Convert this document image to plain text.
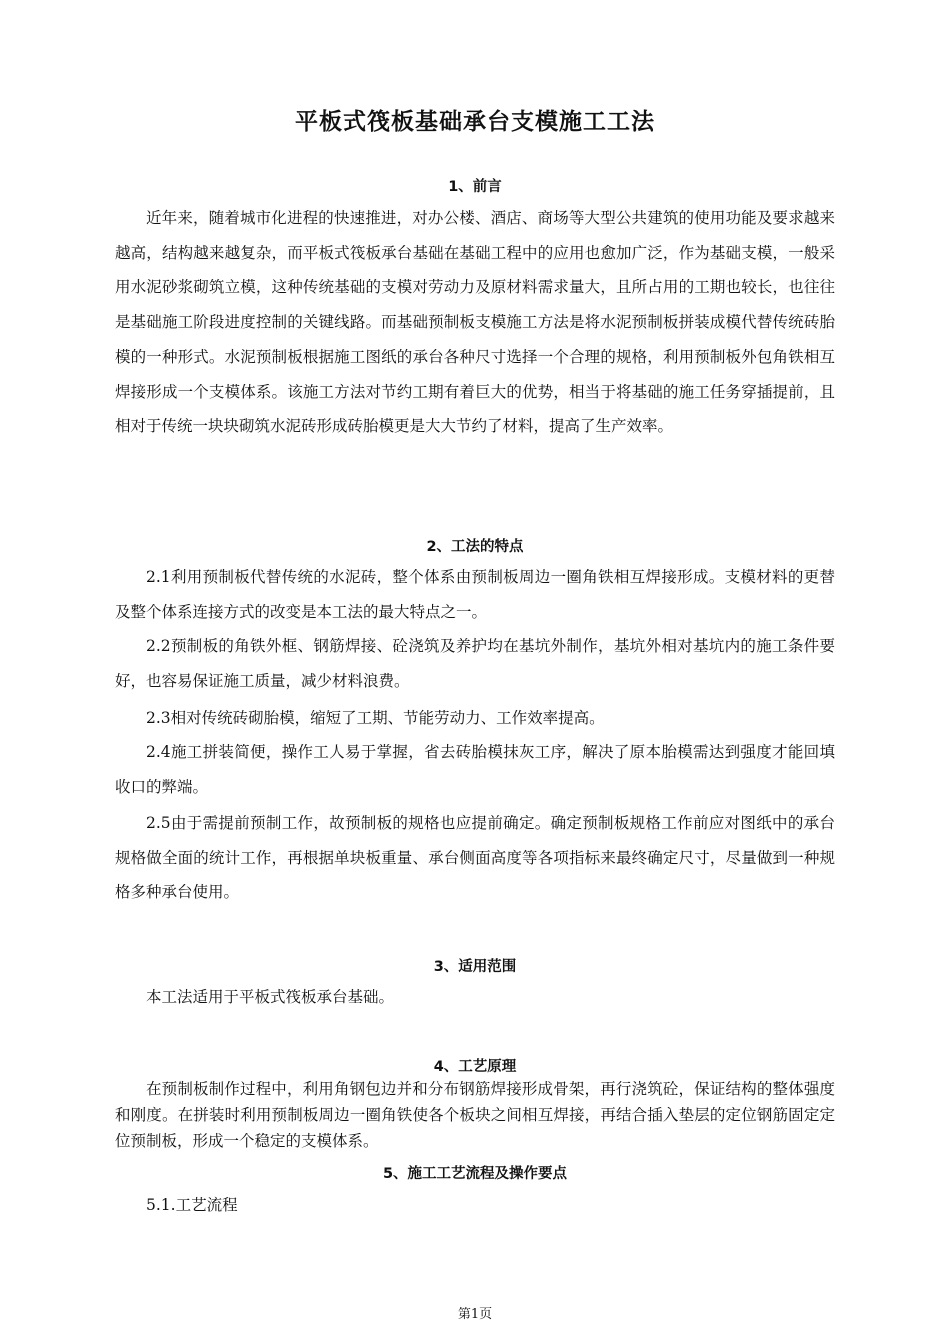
平板式筏板基础承台支模施工工法
1、前言

近年来，随着城市化进程的快速推进，对办公楼、酒店、商场等大型公共建筑的使用功能及要求越来越高，结构越来越复杂，而平板式筏板承台基础在基础工程中的应用也愈加广泛，作为基础支模，一般采用水泥砂浆砌筑立模，这种传统基础的支模对劳动力及原材料需求量大，且所占用的工期也较长，也往往是基础施工阶段进度控制的关键线路。而基础预制板支模施工方法是将水泥预制板拼装成模代替传统砖胎模的一种形式。水泥预制板根据施工图纸的承台各种尺寸选择一个合理的规格，利用预制板外包角铁相互焊接形成一个支模体系。该施工方法对节约工期有着巨大的优势，相当于将基础的施工任务穿插提前，且相对于传统一块块砌筑水泥砖形成砖胎模更是大大节约了材料，提高了生产效率。

2、工法的特点

2.1利用预制板代替传统的水泥砖，整个体系由预制板周边一圈角铁相互焊接形成。支模材料的更替及整个体系连接方式的改变是本工法的最大特点之一。

2.2预制板的角铁外框、钢筋焊接、砼浇筑及养护均在基坑外制作，基坑外相对基坑内的施工条件要好，也容易保证施工质量，减少材料浪费。

2.3相对传统砖砌胎模，缩短了工期、节能劳动力、工作效率提高。

2.4施工拼装简便，操作工人易于掌握，省去砖胎模抹灰工序，解决了原本胎模需达到强度才能回填收口的弊端。

2.5由于需提前预制工作，故预制板的规格也应提前确定。确定预制板规格工作前应对图纸中的承台规格做全面的统计工作，再根据单块板重量、承台侧面高度等各项指标来最终确定尺寸，尽量做到一种规格多种承台使用。

3、适用范围

本工法适用于平板式筏板承台基础。

4、工艺原理

在预制板制作过程中，利用角钢包边并和分布钢筋焊接形成骨架，再行浇筑砼，保证结构的整体强度和刚度。在拼装时利用预制板周边一圈角铁使各个板块之间相互焊接，再结合插入垫层的定位钢筋固定定位预制板，形成一个稳定的支模体系。

5、施工工艺流程及操作要点

5.1.工艺流程

第1页
